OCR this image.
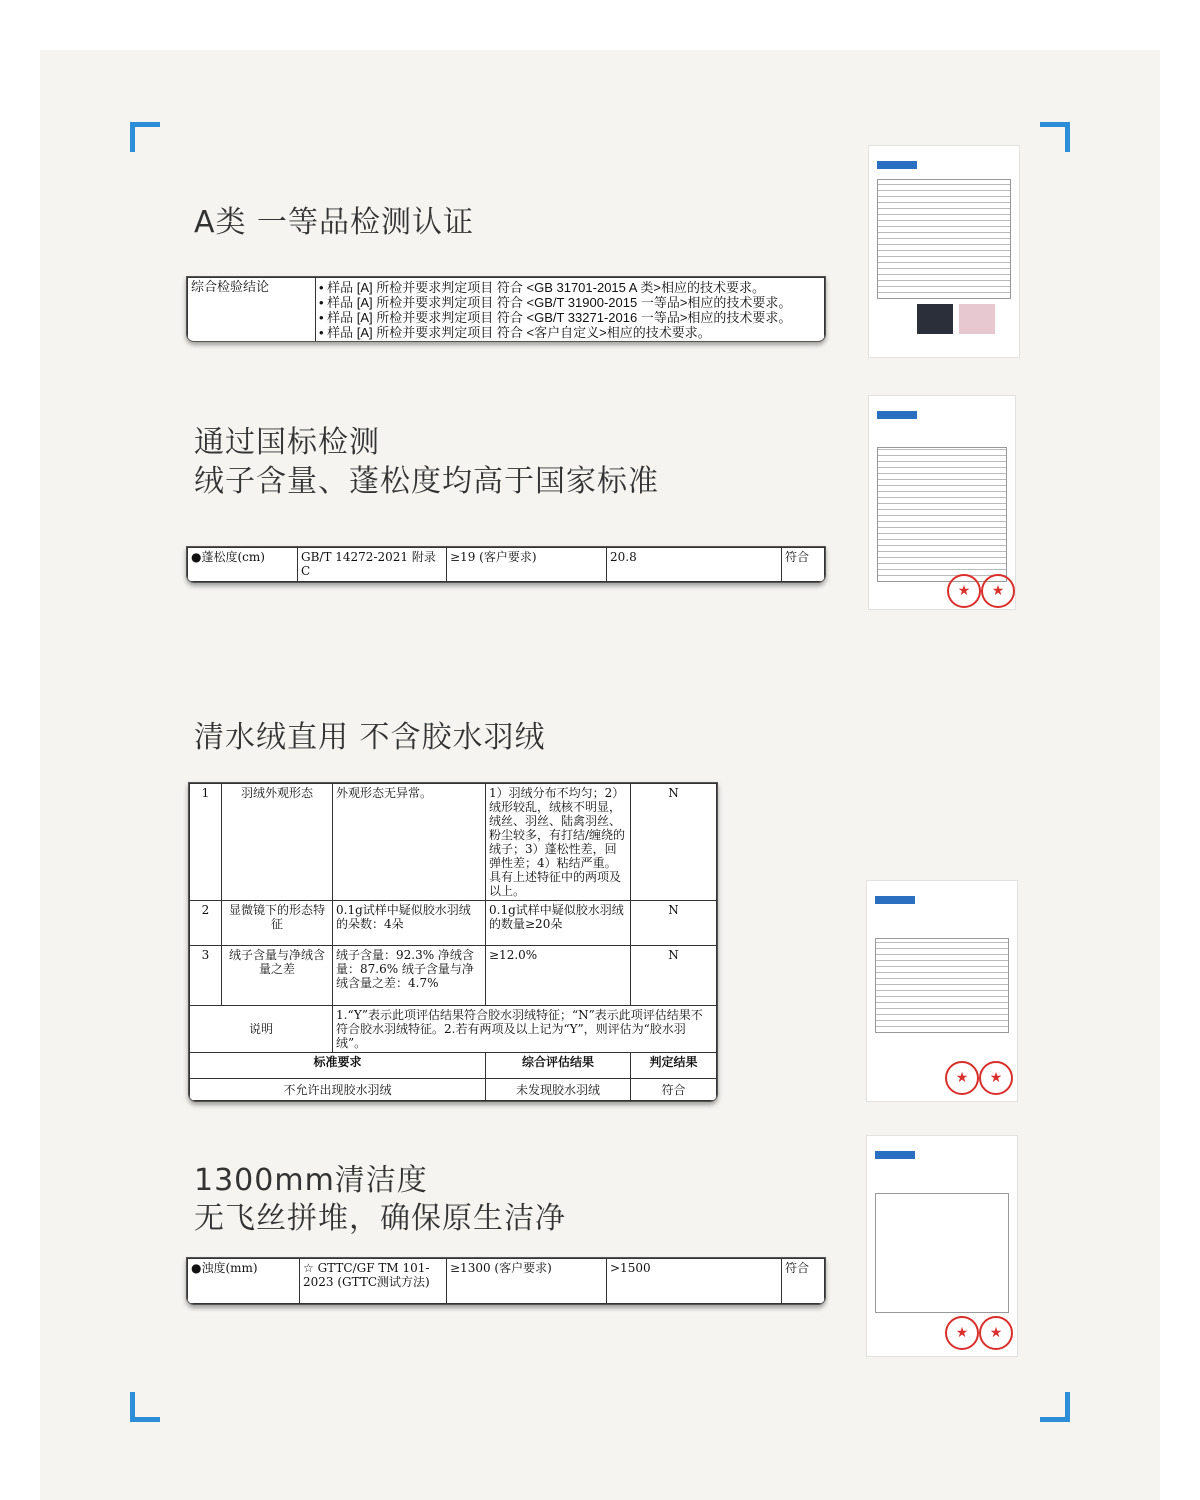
A类 一等品检测认证
通过国标检测
绒子含量、蓬松度均高于国家标准
清水绒直用 不含胶水羽绒
1300mm清洁度
无飞丝拼堆，确保原生洁净
综合检验结论	• 样品 [A] 所检并要求判定项目 符合 <GB 31701-2015 A 类>相应的技术要求。
• 样品 [A] 所检并要求判定项目 符合 <GB/T 31900-2015 一等品>相应的技术要求。
• 样品 [A] 所检并要求判定项目 符合 <GB/T 33271-2016 一等品>相应的技术要求。
• 样品 [A] 所检并要求判定项目 符合 <客户自定义>相应的技术要求。
●蓬松度(cm)	GB/T 14272-2021 附录C	≥19 (客户要求)	20.8	符合
1	羽绒外观形态	外观形态无异常。	1）羽绒分布不均匀；2）绒形较乱，绒核不明显，绒丝、羽丝、陆禽羽丝、粉尘较多，有打结/缠绕的绒子；3）蓬松性差，回弹性差；4）粘结严重。具有上述特征中的两项及以上。	N
2	显微镜下的形态特征	0.1g试样中疑似胶水羽绒的朵数：4朵	0.1g试样中疑似胶水羽绒的数量≥20朵	N
3	绒子含量与净绒含量之差	绒子含量：92.3% 净绒含量：87.6% 绒子含量与净绒含量之差：4.7%	≥12.0%	N
说明		1.“Y”表示此项评估结果符合胶水羽绒特征；“N”表示此项评估结果不符合胶水羽绒特征。2.若有两项及以上记为“Y”，则评估为“胶水羽绒”。		
标准要求			综合评估结果	判定结果
不允许出现胶水羽绒			未发现胶水羽绒	符合
●浊度(mm)	☆ GTTC/GF TM 101-2023 (GTTC测试方法)	≥1300 (客户要求)	>1500	符合
★	★
★	★
★	★
